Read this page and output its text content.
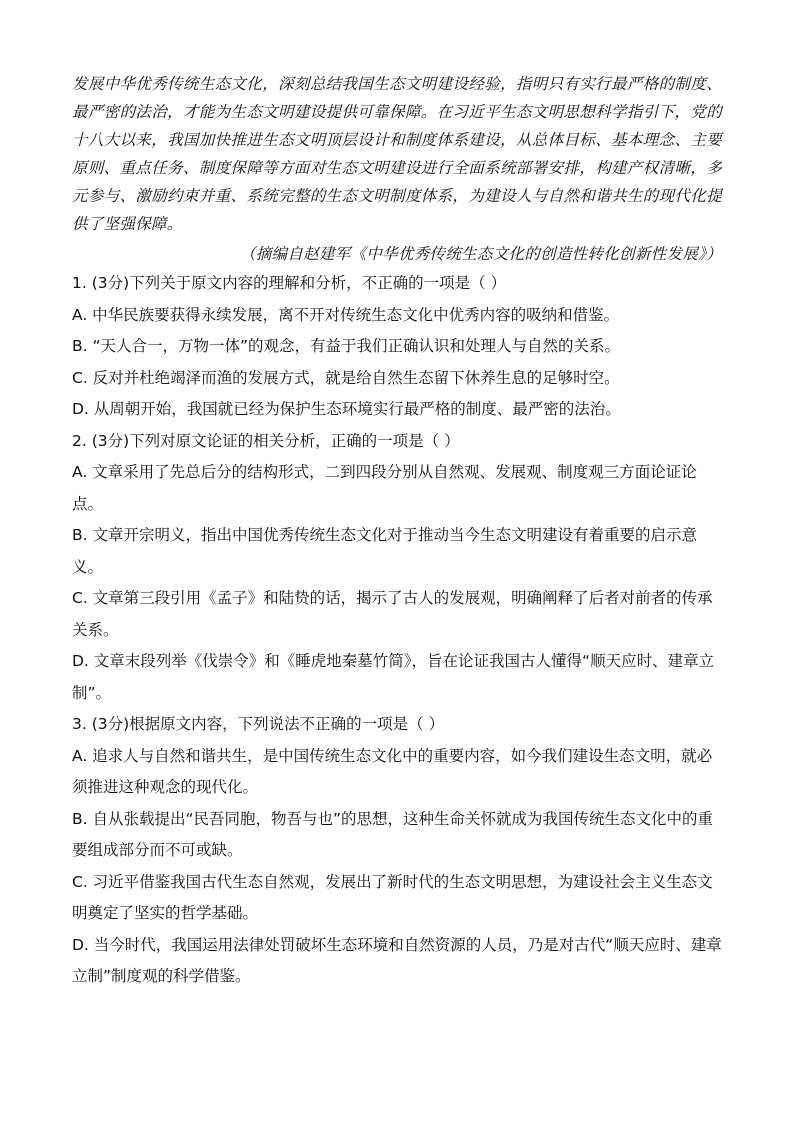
发展中华优秀传统生态文化，深刻总结我国生态文明建设经验，指明只有实行最严格的制度、最严密的法治，才能为生态文明建设提供可靠保障。在习近平生态文明思想科学指引下，党的十八大以来，我国加快推进生态文明顶层设计和制度体系建设，从总体目标、基本理念、主要原则、重点任务、制度保障等方面对生态文明建设进行全面系统部署安排，构建产权清晰，多元参与、激励约束并重、系统完整的生态文明制度体系，为建设人与自然和谐共生的现代化提供了坚强保障。

（摘编自赵建军《中华优秀传统生态文化的创造性转化创新性发展》）

1. (3分)下列关于原文内容的理解和分析，不正确的一项是（ ）

A. 中华民族要获得永续发展，离不开对传统生态文化中优秀内容的吸纳和借鉴。

B. “天人合一，万物一体”的观念，有益于我们正确认识和处理人与自然的关系。

C. 反对并杜绝竭泽而渔的发展方式，就是给自然生态留下休养生息的足够时空。

D. 从周朝开始，我国就已经为保护生态环境实行最严格的制度、最严密的法治。

2. (3分)下列对原文论证的相关分析，正确的一项是（ ）

A. 文章采用了先总后分的结构形式，二到四段分别从自然观、发展观、制度观三方面论证论点。

B. 文章开宗明义，指出中国优秀传统生态文化对于推动当今生态文明建设有着重要的启示意义。

C. 文章第三段引用《孟子》和陆贽的话，揭示了古人的发展观，明确阐释了后者对前者的传承关系。

D. 文章末段列举《伐崇令》和《睡虎地秦墓竹简》，旨在论证我国古人懂得“顺天应时、建章立制”。

3. (3分)根据原文内容，下列说法不正确的一项是（ ）

A. 追求人与自然和谐共生，是中国传统生态文化中的重要内容，如今我们建设生态文明，就必须推进这种观念的现代化。

B. 自从张载提出“民吾同胞，物吾与也”的思想，这种生命关怀就成为我国传统生态文化中的重要组成部分而不可或缺。

C. 习近平借鉴我国古代生态自然观，发展出了新时代的生态文明思想，为建设社会主义生态文明奠定了坚实的哲学基础。

D. 当今时代，我国运用法律处罚破坏生态环境和自然资源的人员，乃是对古代“顺天应时、建章立制”制度观的科学借鉴。
